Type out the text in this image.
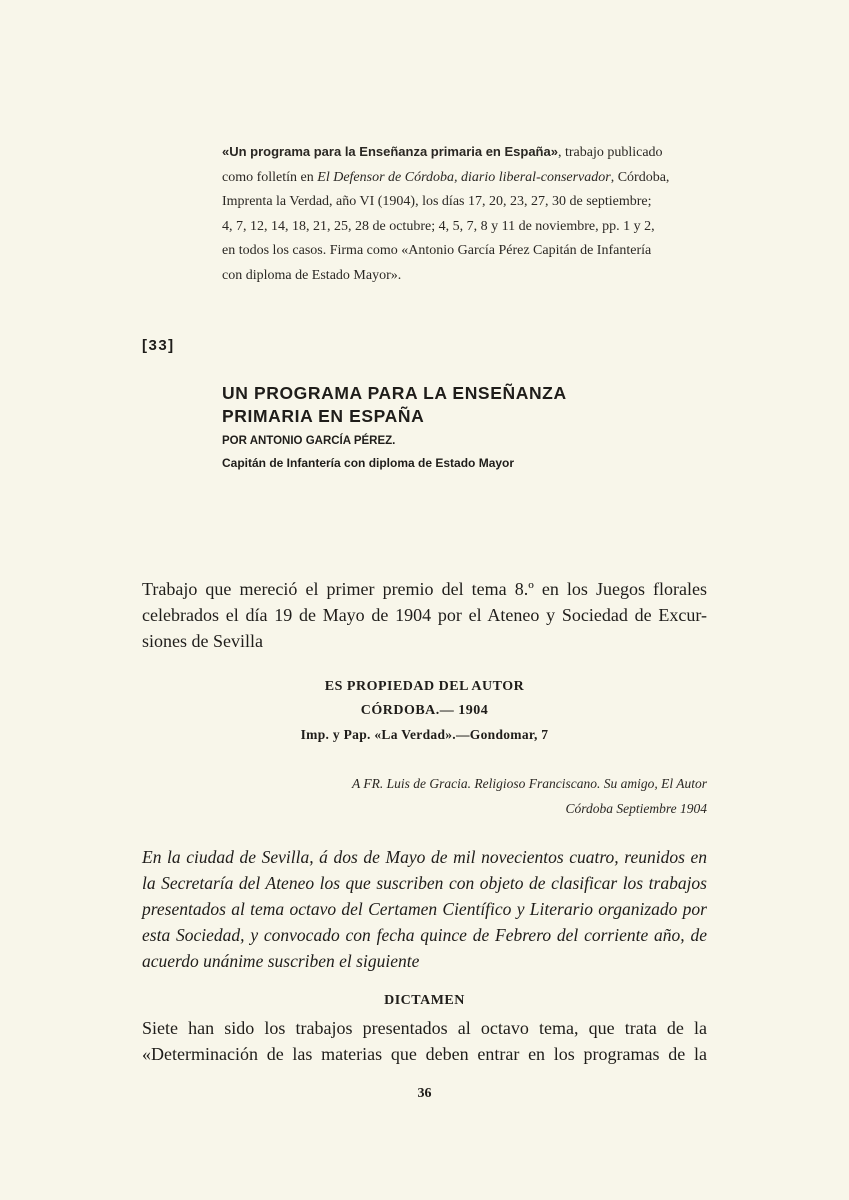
«Un programa para la Enseñanza primaria en España», trabajo publicado
como folletín en El Defensor de Córdoba, diario liberal-conservador, Córdoba,
Imprenta la Verdad, año VI (1904), los días 17, 20, 23, 27, 30 de septiembre;
4, 7, 12, 14, 18, 21, 25, 28 de octubre; 4, 5, 7, 8 y 11 de noviembre, pp. 1 y 2,
en todos los casos. Firma como «Antonio García Pérez Capitán de Infantería
con diploma de Estado Mayor».
[33]
UN PROGRAMA PARA LA ENSEÑANZA
PRIMARIA EN ESPAÑA
POR ANTONIO GARCÍA PÉREZ.
Capitán de Infantería con diploma de Estado Mayor
Trabajo que mereció el primer premio del tema 8.º en los Juegos florales
celebrados el día 19 de Mayo de 1904 por el Ateneo y Sociedad de Excur-
siones de Sevilla
ES PROPIEDAD DEL AUTOR
CÓRDOBA.— 1904
Imp. y Pap. «La Verdad».—Gondomar, 7
A FR. Luis de Gracia. Religioso Franciscano. Su amigo, El Autor
Córdoba Septiembre 1904
En la ciudad de Sevilla, á dos de Mayo de mil novecientos cuatro, reunidos en
la Secretaría del Ateneo los que suscriben con objeto de clasificar los trabajos
presentados al tema octavo del Certamen Científico y Literario organizado por
esta Sociedad, y convocado con fecha quince de Febrero del corriente año, de
acuerdo unánime suscriben el siguiente
DICTAMEN
Siete han sido los trabajos presentados al octavo tema, que trata de la
«Determinación de las materias que deben entrar en los programas de la
36
